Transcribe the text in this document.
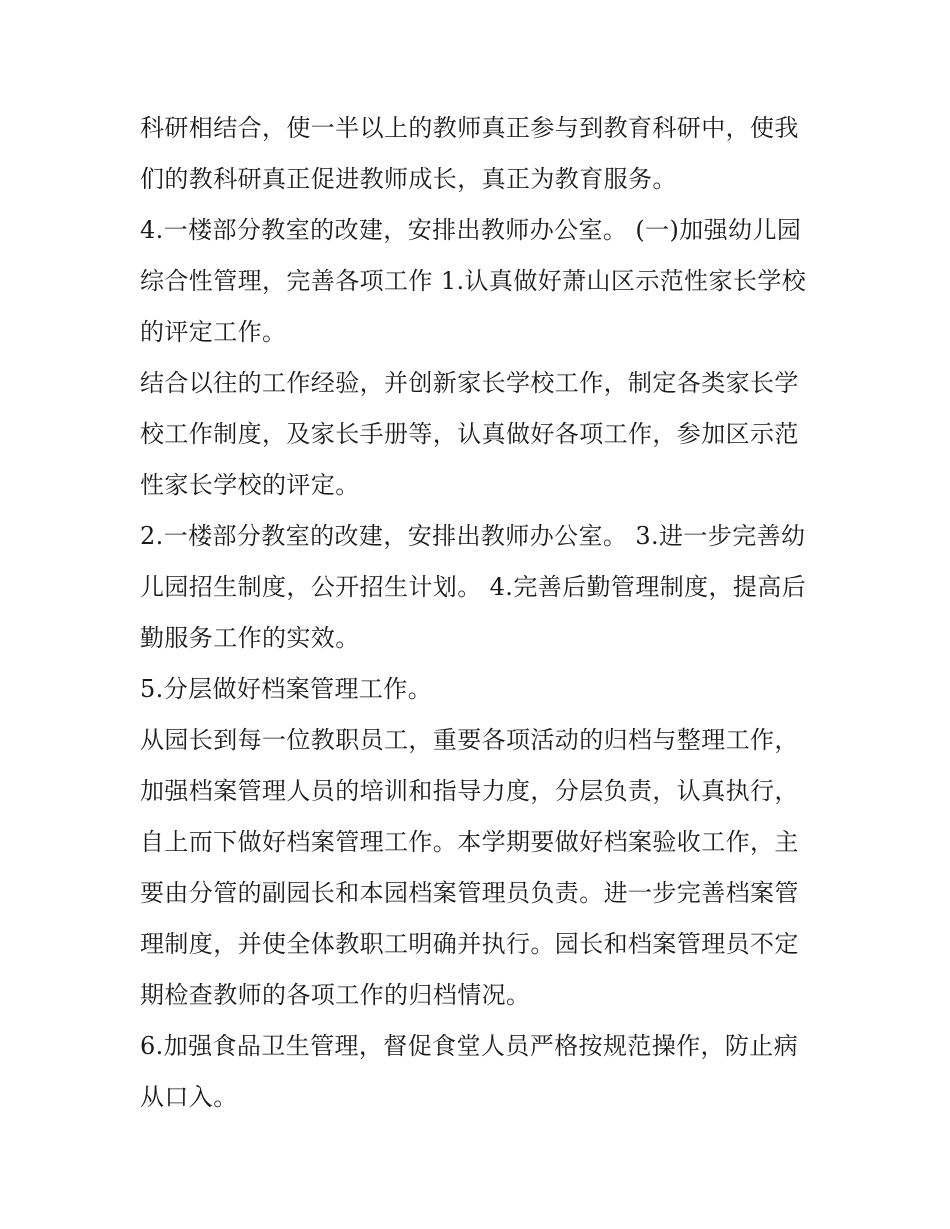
科研相结合，使一半以上的教师真正参与到教育科研中，使我
们的教科研真正促进教师成长，真正为教育服务。

4.一楼部分教室的改建，安排出教师办公室。 (一)加强幼儿园
综合性管理，完善各项工作 1.认真做好萧山区示范性家长学校
的评定工作。

结合以往的工作经验，并创新家长学校工作，制定各类家长学
校工作制度，及家长手册等，认真做好各项工作，参加区示范
性家长学校的评定。

2.一楼部分教室的改建，安排出教师办公室。 3.进一步完善幼
儿园招生制度，公开招生计划。 4.完善后勤管理制度，提高后
勤服务工作的实效。

5.分层做好档案管理工作。

从园长到每一位教职员工，重要各项活动的归档与整理工作，
加强档案管理人员的培训和指导力度，分层负责，认真执行，
自上而下做好档案管理工作。本学期要做好档案验收工作，主
要由分管的副园长和本园档案管理员负责。进一步完善档案管
理制度，并使全体教职工明确并执行。园长和档案管理员不定
期检查教师的各项工作的归档情况。

6.加强食品卫生管理，督促食堂人员严格按规范操作，防止病
从口入。
